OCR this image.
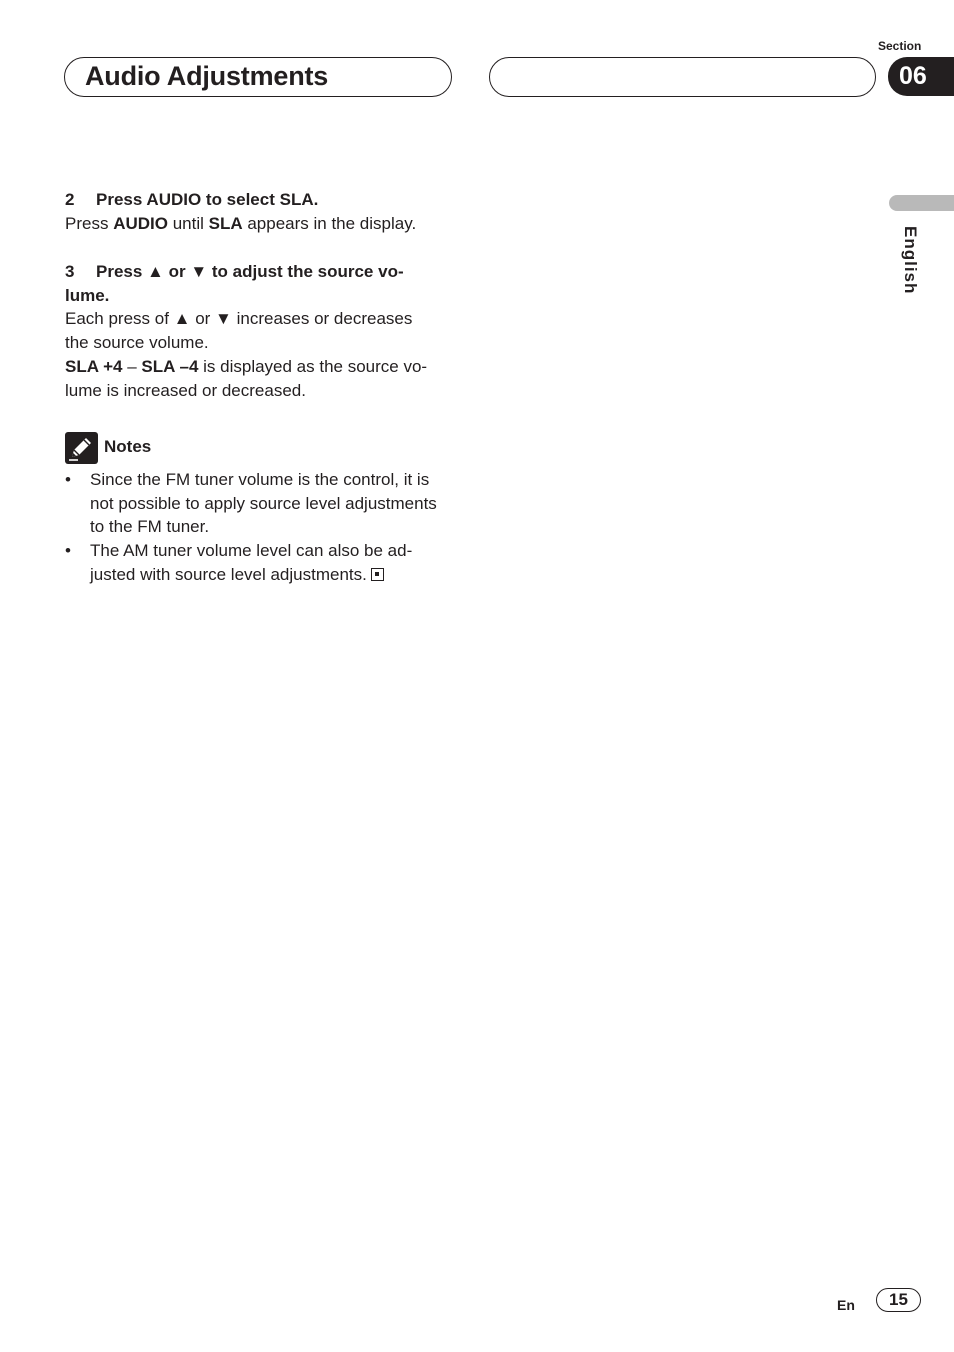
Audio Adjustments
Section
06
English
2 Press AUDIO to select SLA.
Press AUDIO until SLA appears in the display.
3 Press ▲ or ▼ to adjust the source vo-
lume.
Each press of ▲ or ▼ increases or decreases
the source volume.
SLA +4 – SLA –4 is displayed as the source vo-
lume is increased or decreased.
Notes
• Since the FM tuner volume is the control, it is
not possible to apply source level adjustments
to the FM tuner.
• The AM tuner volume level can also be ad-
justed with source level adjustments.
En	15
